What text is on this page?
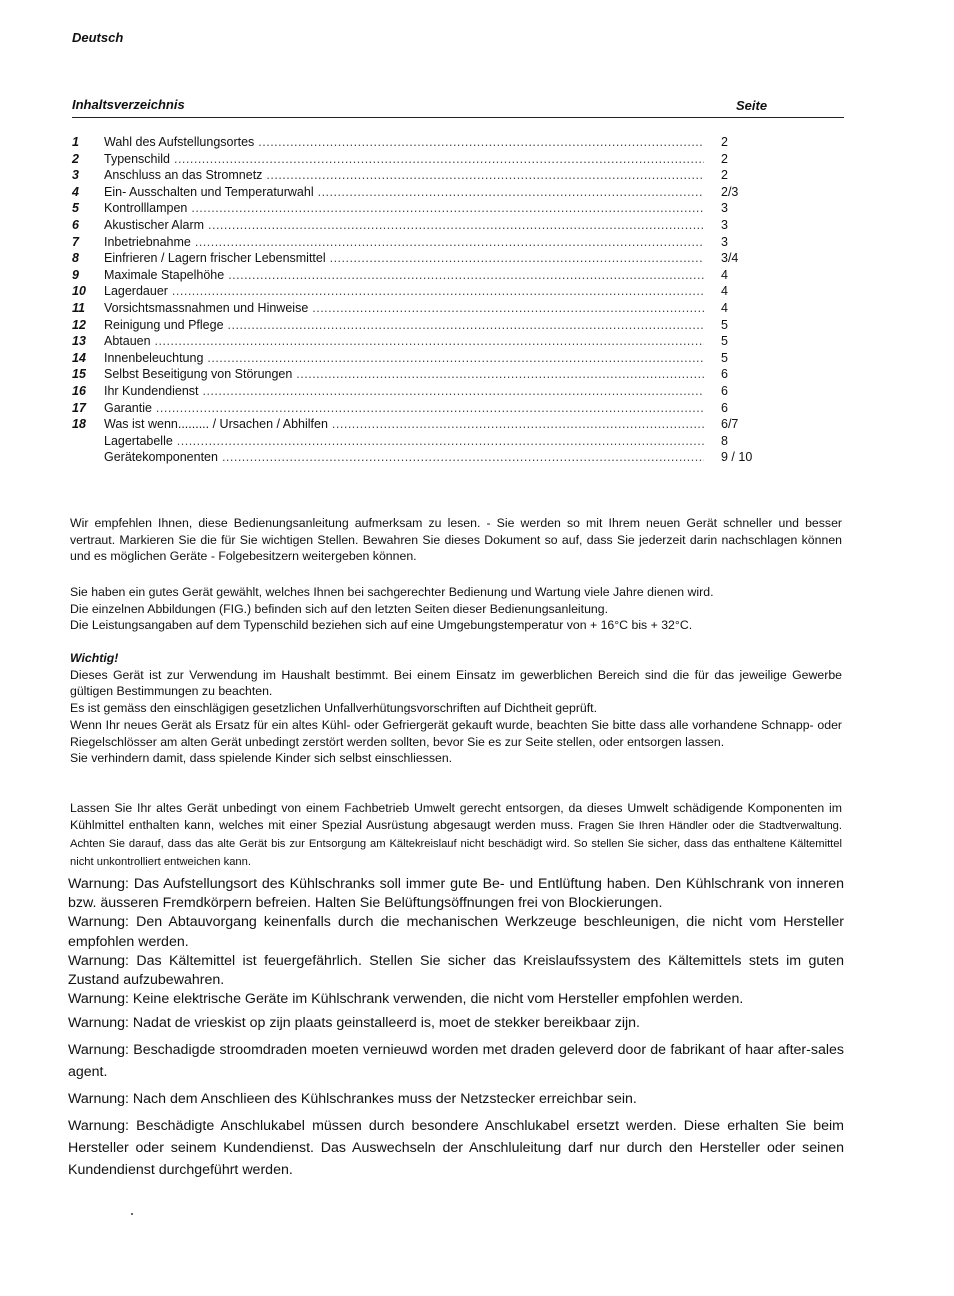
Deutsch
Inhaltsverzeichnis	Seite
1	Wahl des Aufstellungsortes .....	2
2	Typenschild .....	2
3	Anschluss an das Stromnetz .....	2
4	Ein- Ausschalten und Temperaturwahl .....	2/3
5	Kontrolllampen .....	3
6	Akustischer Alarm .....	3
7	Inbetriebnahme .....	3
8	Einfrieren / Lagern frischer Lebensmittel .....	3/4
9	Maximale Stapelhöhe .....	4
10	Lagerdauer .....	4
11	Vorsichtsmassnahmen und Hinweise .....	4
12	Reinigung und Pflege .....	5
13	Abtauen .....	5
14	Innenbeleuchtung .....	5
15	Selbst Beseitigung von Störungen .....	6
16	Ihr Kundendienst .....	6
17	Garantie .....	6
18	Was ist wenn......... / Ursachen / Abhilfen .....	6/7
Lagertabelle .....	8
Gerätekomponenten .....	9 / 10

Wir empfehlen Ihnen, diese Bedienungsanleitung aufmerksam zu lesen. - Sie werden so mit Ihrem neuen Gerät schneller und besser vertraut. Markieren Sie die für Sie wichtigen Stellen. Bewahren Sie dieses Dokument so auf, dass Sie jederzeit darin nachschlagen können und es möglichen Geräte - Folgebesitzern weitergeben können.

Sie haben ein gutes Gerät gewählt, welches Ihnen bei sachgerechter Bedienung und Wartung viele Jahre dienen wird.

Die einzelnen Abbildungen (FIG.) befinden sich auf den letzten Seiten dieser Bedienungsanleitung.

Die Leistungsangaben auf dem Typenschild beziehen sich auf eine Umgebungstemperatur von + 16°C bis + 32°C.

Wichtig!

Dieses Gerät ist zur Verwendung im Haushalt bestimmt. Bei einem Einsatz im gewerblichen Bereich sind die für das jeweilige Gewerbe gültigen Bestimmungen zu beachten.

Es ist gemäss den einschlägigen gesetzlichen Unfallverhütungsvorschriften auf Dichtheit geprüft.

Wenn Ihr neues Gerät als Ersatz für ein altes Kühl- oder Gefriergerät gekauft wurde, beachten Sie bitte dass alle vorhandene Schnapp- oder Riegelschlösser am alten Gerät unbedingt zerstört werden sollten, bevor Sie es zur Seite stellen, oder entsorgen lassen.

Sie verhindern damit, dass spielende Kinder sich selbst einschliessen.

Lassen Sie Ihr altes Gerät unbedingt von einem Fachbetrieb Umwelt gerecht entsorgen, da dieses Umwelt schädigende Komponenten im Kühlmittel enthalten kann, welches mit einer Spezial Ausrüstung abgesaugt werden muss. Fragen Sie Ihren Händler oder die Stadtverwaltung. Achten Sie darauf, dass das alte Gerät bis zur Entsorgung am Kältekreislauf nicht beschädigt wird. So stellen Sie sicher, dass das enthaltene Kältemittel nicht unkontrolliert entweichen kann.

Warnung: Das Aufstellungsort des Kühlschranks soll immer gute Be- und Entlüftung haben. Den Kühlschrank von inneren bzw. äusseren Fremdkörpern befreien. Halten Sie Belüftungsöffnungen frei von Blockierungen.

Warnung: Den Abtauvorgang keinenfalls durch die mechanischen Werkzeuge beschleunigen, die nicht vom Hersteller empfohlen werden.

Warnung: Das Kältemittel ist feuergefährlich. Stellen Sie sicher das Kreislaufssystem des Kältemittels stets im guten Zustand aufzubewahren.

Warnung: Keine elektrische Geräte im Kühlschrank verwenden, die nicht vom Hersteller empfohlen werden.

Warnung: Nadat de vrieskist op zijn plaats geinstalleerd is, moet de stekker bereikbaar zijn.

Warnung: Beschadigde stroomdraden moeten vernieuwd worden met draden geleverd door de fabrikant of haar after-sales agent.

Warnung: Nach dem Anschlieen des Kühlschrankes muss der Netzstecker erreichbar sein.

Warnung: Beschädigte Anschlukabel müssen durch besondere Anschlukabel ersetzt werden. Diese erhalten Sie beim Hersteller oder seinem Kundendienst. Das Auswechseln der Anschluleitung darf nur durch den Hersteller oder seinen Kundendienst durchgeführt werden.
